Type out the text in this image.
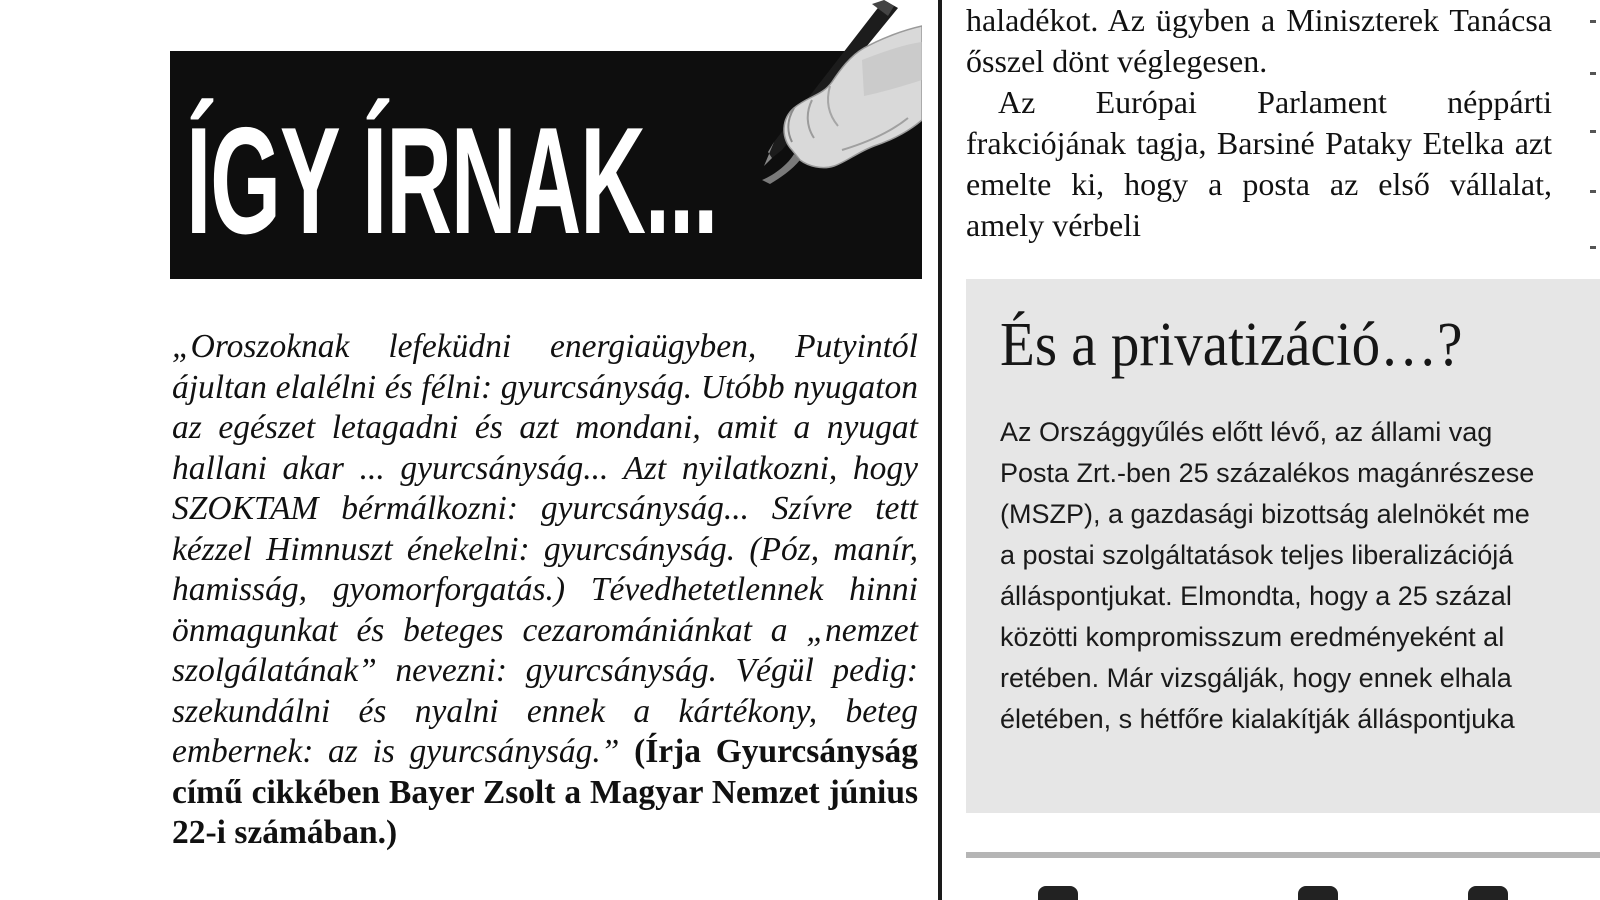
ÍGY ÍRNAK...
„Oroszoknak lefeküdni energiaügyben, Putyintól ájultan elalélni és félni: gyurcsányság. Utóbb nyugaton az egészet letagadni és azt mondani, amit a nyugat hallani akar ... gyurcsányság... Azt nyilatkozni, hogy SZOKTAM bérmálkozni: gyurcsányság... Szívre tett kézzel Himnuszt énekelni: gyurcsányság. (Póz, manír, hamisság, gyomorforgatás.) Tévedhetetlennek hinni önmagunkat és beteges cezaromániánkat a „nemzet szolgálatának” nevezni: gyurcsányság. Végül pedig: szekundálni és nyalni ennek a kártékony, beteg embernek: az is gyurcsányság.” (Írja Gyurcsányság című cikkében Bayer Zsolt a Magyar Nemzet június 22-i számában.)

haladékot. Az ügyben a Miniszterek Tanácsa ősszel dönt véglegesen.

Az Európai Parlament néppárti frakciójának tagja, Barsiné Pataky Etelka azt emelte ki, hogy a posta az első vállalat, amely vérbeli

És a privatizáció…?
Az Országgyűlés előtt lévő, az állami vag
Posta Zrt.-ben 25 százalékos magánrészese
(MSZP), a gazdasági bizottság alelnökét me
a postai szolgáltatások teljes liberalizációjá
álláspontjukat. Elmondta, hogy a 25 százal
közötti kompromisszum eredményeként al
retében. Már vizsgálják, hogy ennek elhala
életében, s hétfőre kialakítják álláspontjuka
